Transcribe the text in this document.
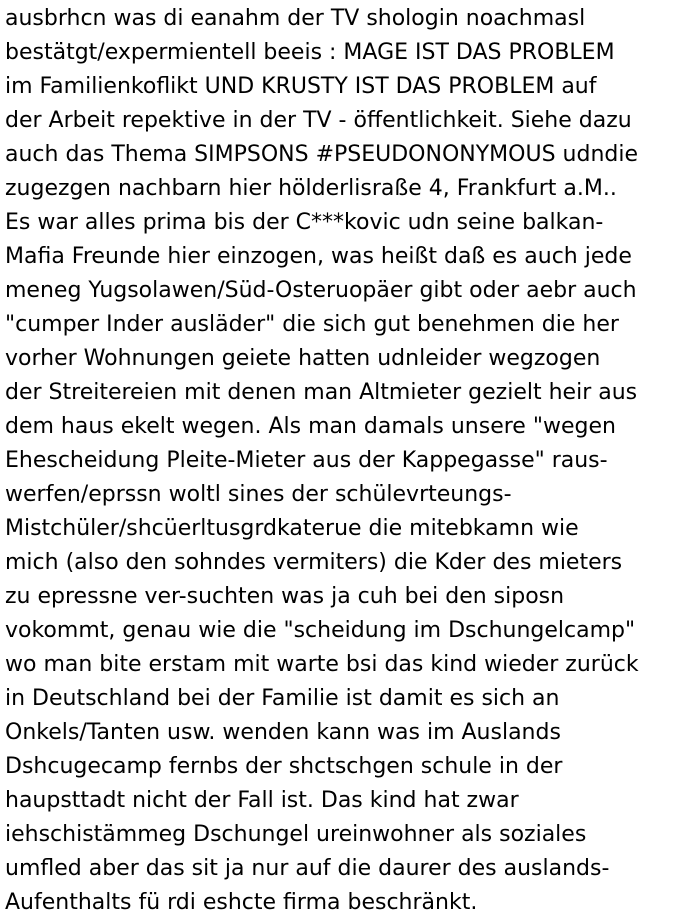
ausbrhcn was di eanahm der TV shologin noachmasl
bestätgt/expermientell beeis : MAGE IST DAS PROBLEM
im Familienkoflikt UND KRUSTY IST DAS PROBLEM auf
der Arbeit repektive in der TV - öffentlichkeit. Siehe dazu
auch das Thema SIMPSONS #PSEUDONONYMOUS udndie
zugezgen nachbarn hier hölderlisraße 4, Frankfurt a.M..
Es war alles prima bis der C***kovic udn seine balkan-
Mafia Freunde hier einzogen, was heißt daß es auch jede
meneg Yugsolawen/Süd-Osteruopäer gibt oder aebr auch
"cumper Inder ausläder" die sich gut benehmen die her
vorher Wohnungen geiete hatten udnleider wegzogen
der Streitereien mit denen man Altmieter gezielt heir aus
dem haus ekelt wegen. Als man damals unsere "wegen
Ehescheidung Pleite-Mieter aus der Kappegasse" raus-
werfen/eprssn woltl sines der schülevrteungs-
Mistchüler/shcüerltusgrdkaterue die mitebkamn wie
mich (also den sohndes vermiters) die Kder des mieters
zu epressne ver-suchten was ja cuh bei den siposn
vokommt, genau wie die "scheidung im Dschungelcamp"
wo man bite erstam mit warte bsi das kind wieder zurück
in Deutschland bei der Familie ist damit es sich an
Onkels/Tanten usw. wenden kann was im Auslands
Dshcugecamp fernbs der shctschgen schule in der
haupsttadt nicht der Fall ist. Das kind hat zwar
iehschistämmeg Dschungel ureinwohner als soziales
umfled aber das sit ja nur auf die daurer des auslands-
Aufenthalts fü rdi eshcte firma beschränkt.
